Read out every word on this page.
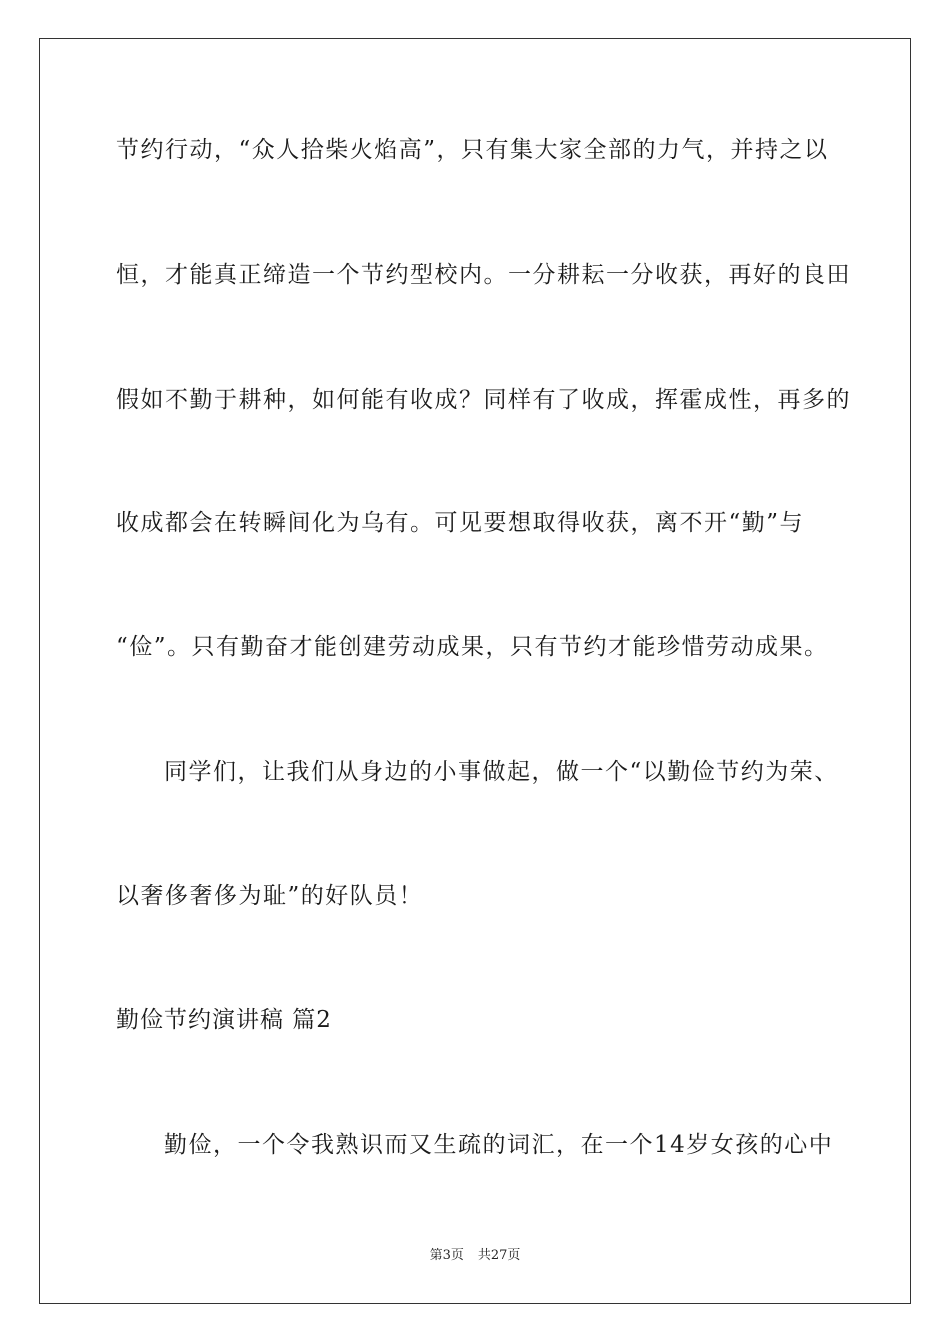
节约行动，“众人拾柴火焰高”，只有集大家全部的力气，并持之以
恒，才能真正缔造一个节约型校内。一分耕耘一分收获，再好的良田
假如不勤于耕种，如何能有收成？同样有了收成，挥霍成性，再多的
收成都会在转瞬间化为乌有。可见要想取得收获，离不开“勤”与
“俭”。只有勤奋才能创建劳动成果，只有节约才能珍惜劳动成果。
同学们，让我们从身边的小事做起，做一个“以勤俭节约为荣、
以奢侈奢侈为耻”的好队员！
勤俭节约演讲稿 篇2
勤俭，一个令我熟识而又生疏的词汇，在一个14岁女孩的心中
第3页 共27页
